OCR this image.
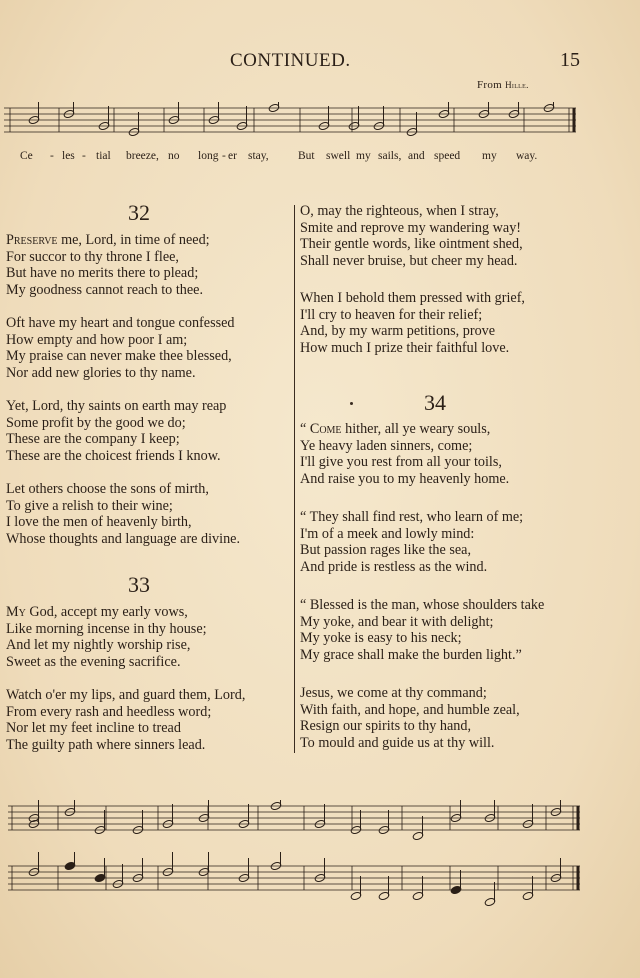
CONTINUED.	15
From Hille.
Ce - les - tial breeze, no long - er stay,	But swell my sails, and speed my way.
32
Preserve me, Lord, in time of need;
For succor to thy throne I flee,
But have no merits there to plead;
My goodness cannot reach to thee.
Oft have my heart and tongue confessed
How empty and how poor I am;
My praise can never make thee blessed,
Nor add new glories to thy name.
Yet, Lord, thy saints on earth may reap
Some profit by the good we do;
These are the company I keep;
These are the choicest friends I know.
Let others choose the sons of mirth,
To give a relish to their wine;
I love the men of heavenly birth,
Whose thoughts and language are divine.
33
My God, accept my early vows,
Like morning incense in thy house;
And let my nightly worship rise,
Sweet as the evening sacrifice.
Watch o'er my lips, and guard them, Lord,
From every rash and heedless word;
Nor let my feet incline to tread
The guilty path where sinners lead.
O, may the righteous, when I stray,
Smite and reprove my wandering way!
Their gentle words, like ointment shed,
Shall never bruise, but cheer my head.
When I behold them pressed with grief,
I'll cry to heaven for their relief;
And, by my warm petitions, prove
How much I prize their faithful love.
34
“ Come hither, all ye weary souls,
Ye heavy laden sinners, come;
I'll give you rest from all your toils,
And raise you to my heavenly home.
“ They shall find rest, who learn of me;
I'm of a meek and lowly mind:
But passion rages like the sea,
And pride is restless as the wind.
“ Blessed is the man, whose shoulders take
My yoke, and bear it with delight;
My yoke is easy to his neck;
My grace shall make the burden light.”
Jesus, we come at thy command;
With faith, and hope, and humble zeal,
Resign our spirits to thy hand,
To mould and guide us at thy will.
